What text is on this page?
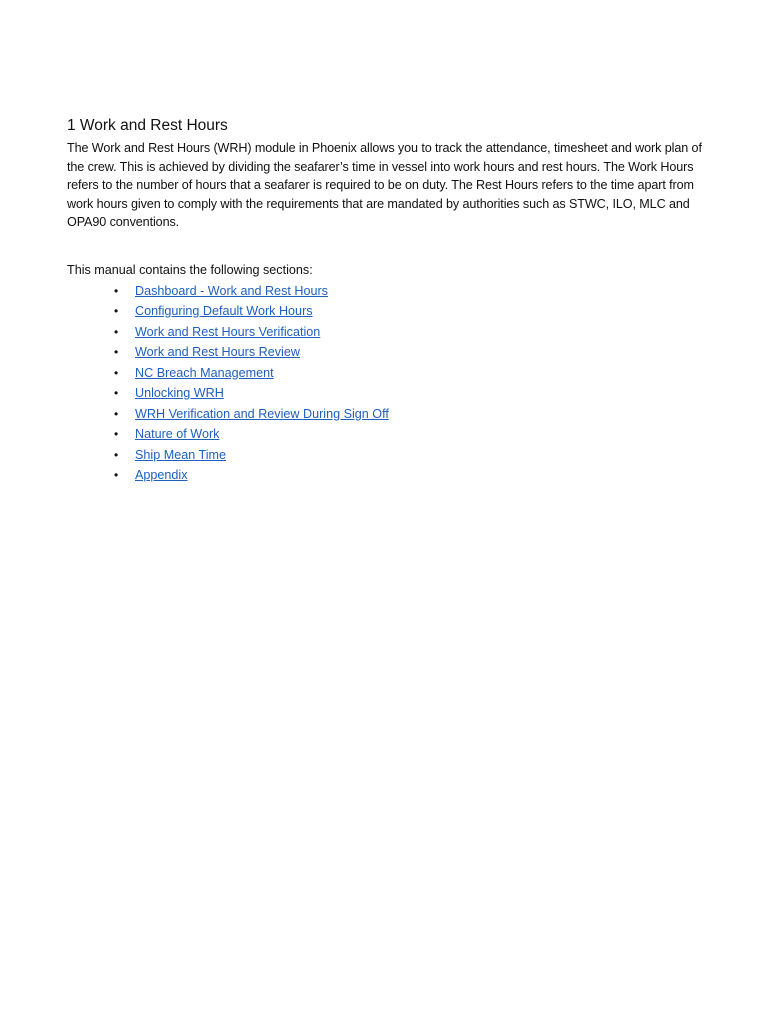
1 Work and Rest Hours

The Work and Rest Hours (WRH) module in Phoenix allows you to track the attendance, timesheet and work plan of the crew. This is achieved by dividing the seafarer’s time in vessel into work hours and rest hours. The Work Hours refers to the number of hours that a seafarer is required to be on duty. The Rest Hours refers to the time apart from work hours given to comply with the requirements that are mandated by authorities such as STWC, ILO, MLC and OPA90 conventions.

This manual contains the following sections:

• Dashboard - Work and Rest Hours
• Configuring Default Work Hours
• Work and Rest Hours Verification
• Work and Rest Hours Review
• NC Breach Management
• Unlocking WRH
• WRH Verification and Review During Sign Off
• Nature of Work
• Ship Mean Time
• Appendix
